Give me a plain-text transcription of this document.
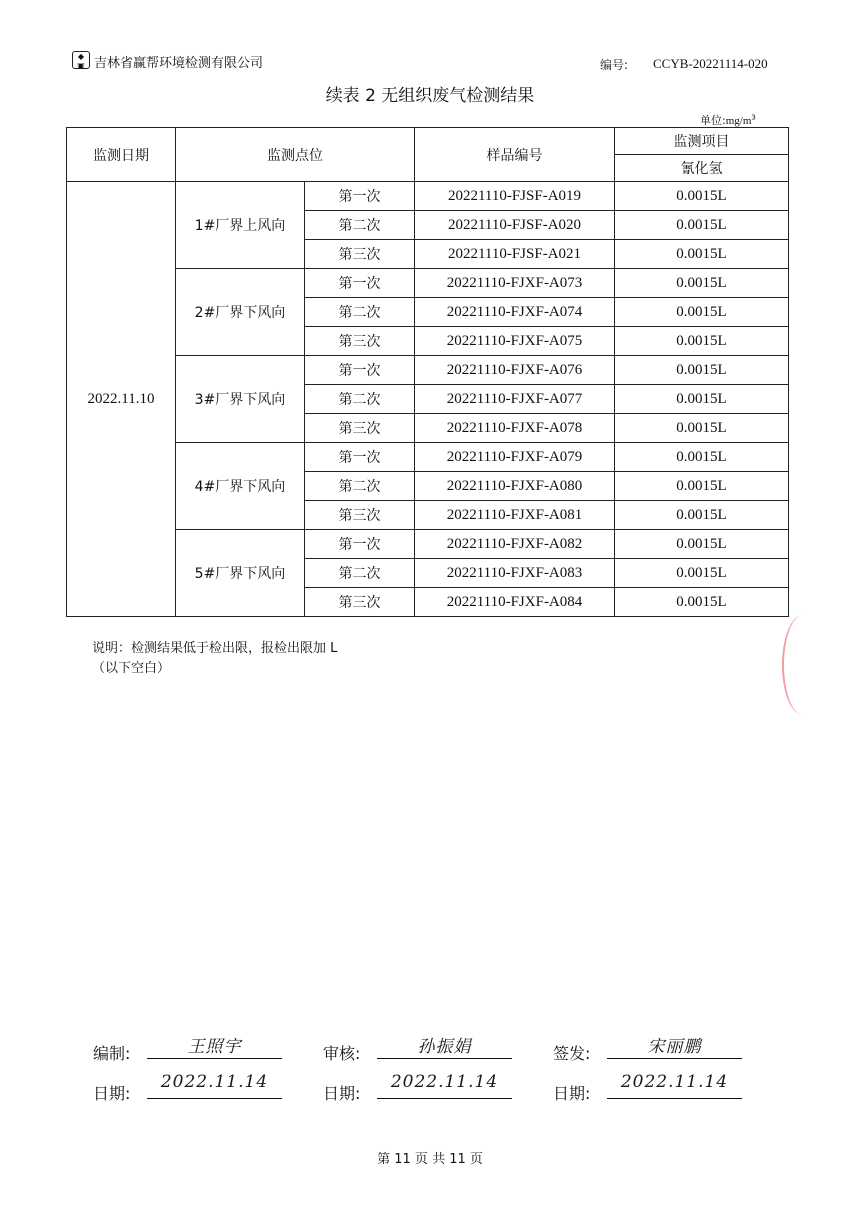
◆
▣ 吉林省赢帮环境检测有限公司	编号: CCYB-20221114-020
续表 2 无组织废气检测结果
单位$:mg/m^3$
监测日期	监测点位		样品编号	监测项目
				氰化氢
2022.11.10	1#厂界上风向	第一次	20221110-FJSF-A019	0.0015L
		第二次	20221110-FJSF-A020	0.0015L
		第三次	20221110-FJSF-A021	0.0015L
	2#厂界下风向	第一次	20221110-FJXF-A073	0.0015L
		第二次	20221110-FJXF-A074	0.0015L
		第三次	20221110-FJXF-A075	0.0015L
	3#厂界下风向	第一次	20221110-FJXF-A076	0.0015L
		第二次	20221110-FJXF-A077	0.0015L
		第三次	20221110-FJXF-A078	0.0015L
	4#厂界下风向	第一次	20221110-FJXF-A079	0.0015L
		第二次	20221110-FJXF-A080	0.0015L
		第三次	20221110-FJXF-A081	0.0015L
	5#厂界下风向	第一次	20221110-FJXF-A082	0.0015L
		第二次	20221110-FJXF-A083	0.0015L
		第三次	20221110-FJXF-A084	0.0015L
说明：检测结果低于检出限，报检出限加 L
（以下空白）
编制:	王照宇	审核:	孙振娟	签发:	宋丽鹏
日期:
2022.11.14
日期:
2022.11.14
日期:
2022.11.14
第 11 页 共 11 页
